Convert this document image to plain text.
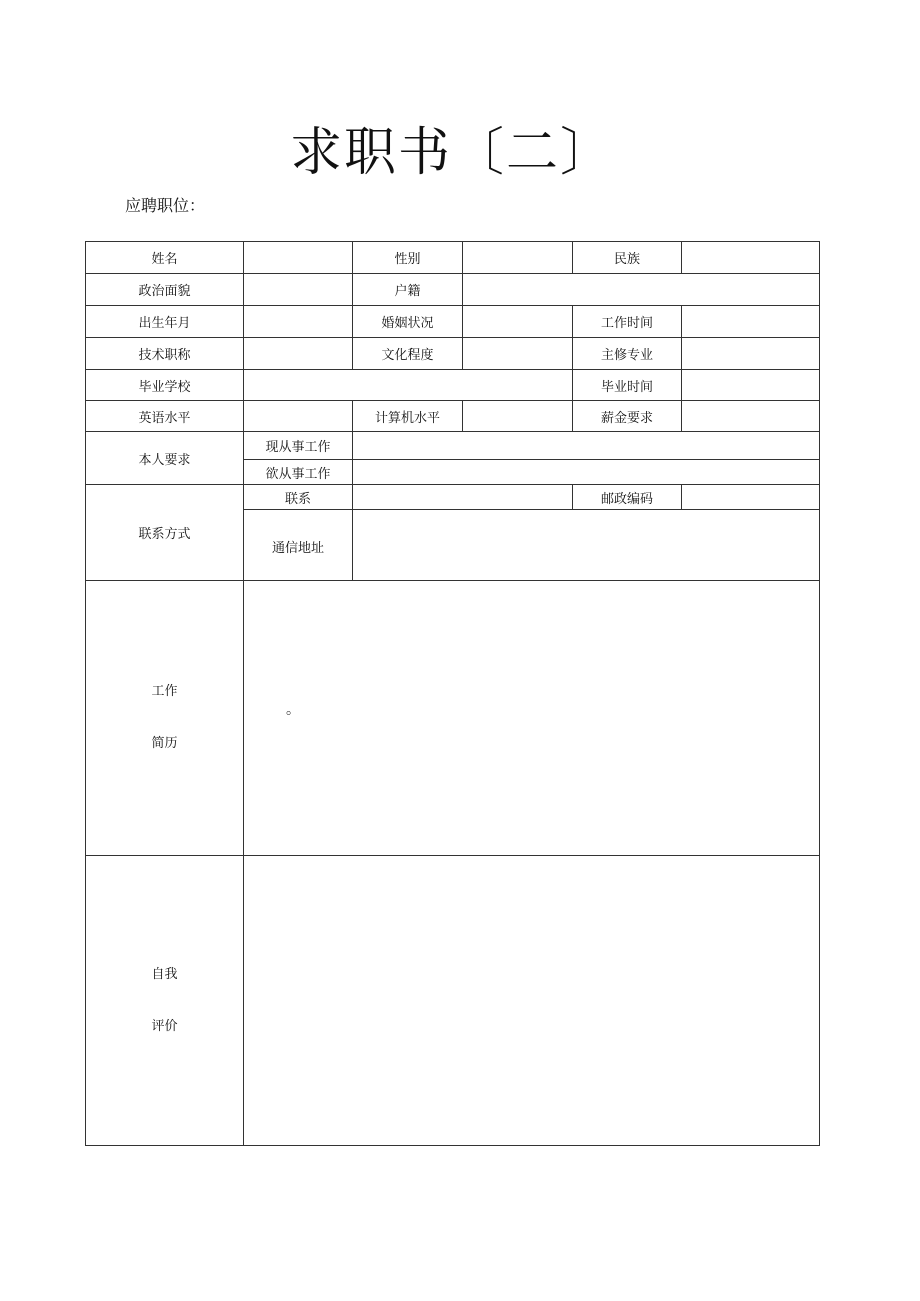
求职书〔二〕
应聘职位：
姓名		性别		民族	
政治面貌		户籍			
出生年月		婚姻状况		工作时间	
技术职称		文化程度		主修专业	
毕业学校				毕业时间	
英语水平		计算机水平		薪金要求	
本人要求	现从事工作				
	欲从事工作				
联系方式	联系			邮政编码	
	通信地址				

工作
简历	。				

自我
评价					
